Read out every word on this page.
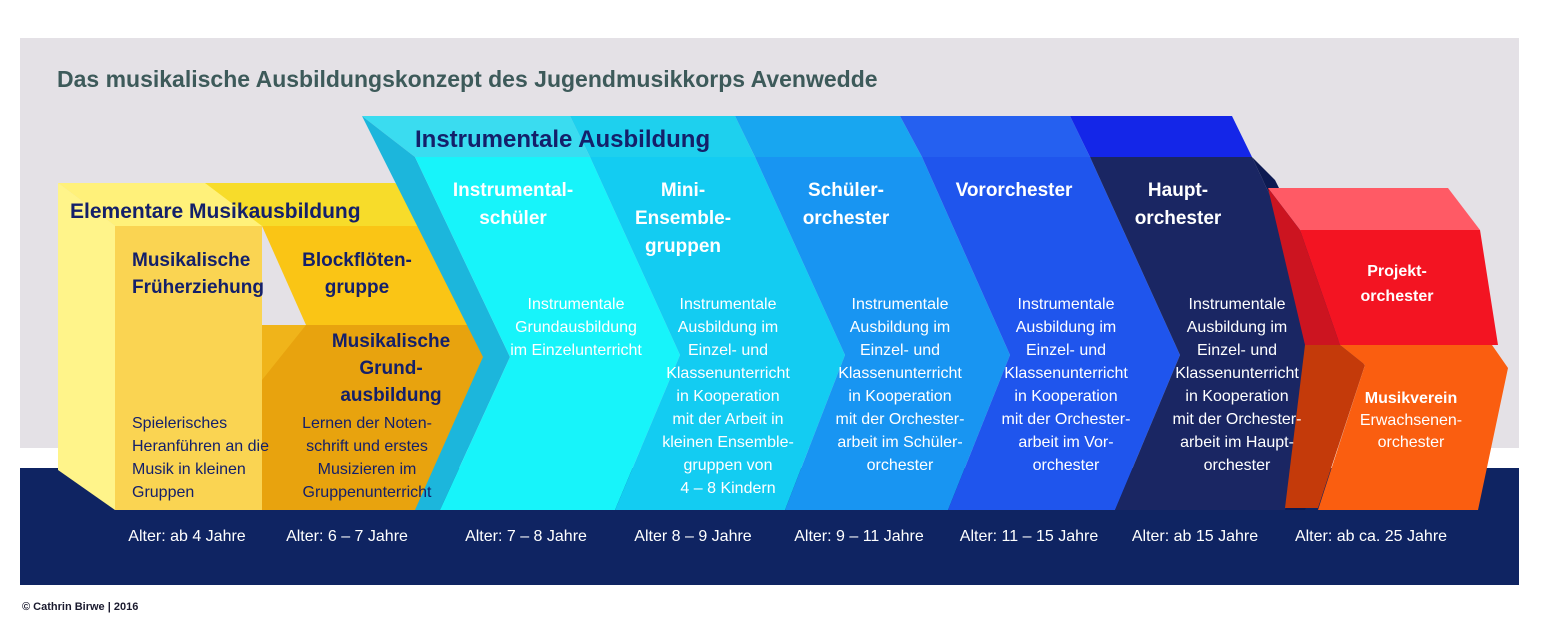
Das musikalische Ausbildungskonzept des Jugendmusikkorps Avenwedde
Elementare Musikausbildung
Instrumentale Ausbildung
Musikalische Früherziehung
Spielerisches Heranführen an die Musik in kleinen Gruppen
Blockflöten-gruppe
Musikalische Grund-ausbildung
Lernen der Noten-schrift und erstes Musizieren im Gruppenunterricht
Instrumental-schüler
Instrumentale Grundausbildung im Einzelunterricht
Mini-Ensemble-gruppen
Instrumentale Ausbildung im Einzel- und Klassenunterricht in Kooperation mit der Arbeit in kleinen Ensemble-gruppen von 4 – 8 Kindern
Schüler-orchester
Instrumentale Ausbildung im Einzel- und Klassenunterricht in Kooperation mit der Orchester-arbeit im Schüler-orchester
Vororchester
Instrumentale Ausbildung im Einzel- und Klassenunterricht in Kooperation mit der Orchester-arbeit im Vor-orchester
Haupt-orchester
Instrumentale Ausbildung im Einzel- und Klassenunterricht in Kooperation mit der Orchester-arbeit im Haupt-orchester
Projekt-orchester
Musikverein
Erwachsenen-orchester
Alter: ab 4 Jahre	Alter: 6 – 7 Jahre	Alter: 7 – 8 Jahre	Alter 8 – 9 Jahre	Alter: 9 – 11 Jahre Alter: 11 – 15 Jahre Alter: ab 15 Jahre Alter: ab ca. 25 Jahre
© Cathrin Birwe | 2016
